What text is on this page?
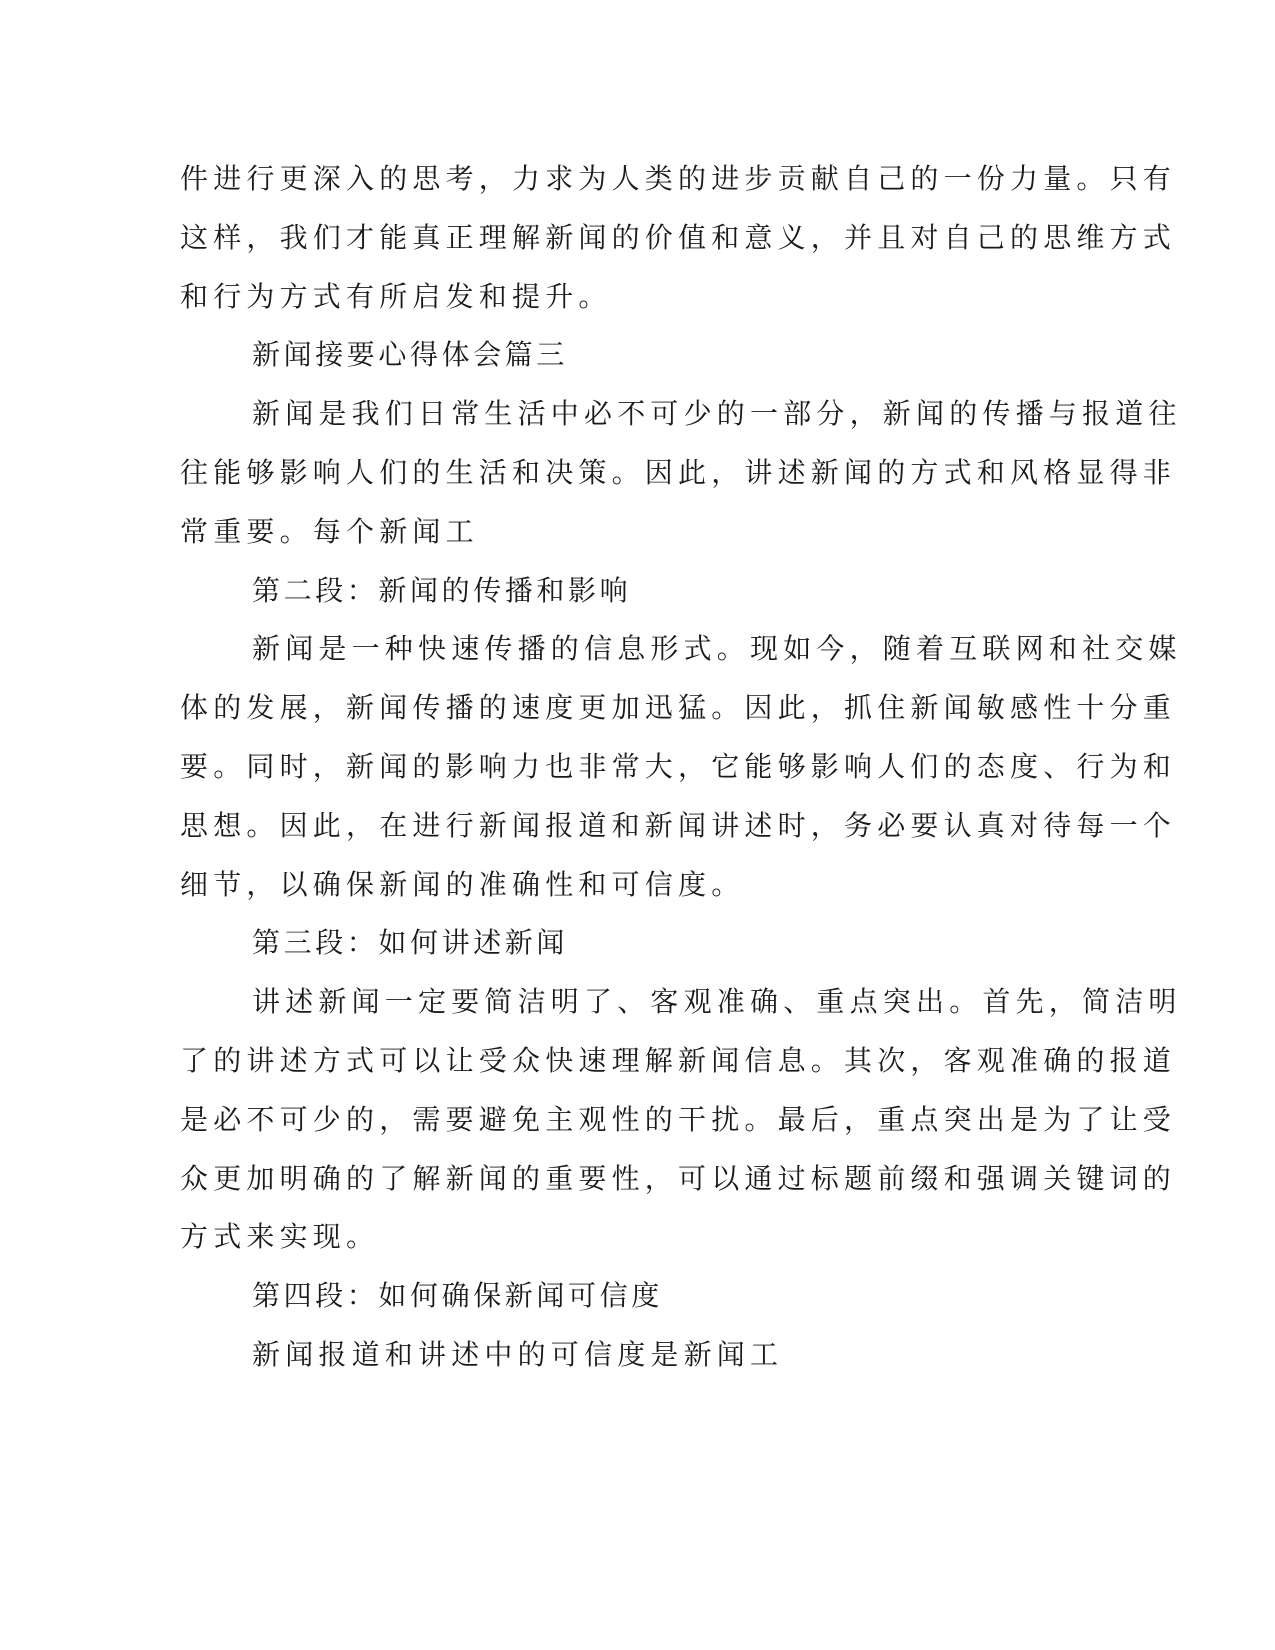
件进行更深入的思考，力求为人类的进步贡献自己的一份力量。只有
这样，我们才能真正理解新闻的价值和意义，并且对自己的思维方式
和行为方式有所启发和提升。
新闻接要心得体会篇三
新闻是我们日常生活中必不可少的一部分，新闻的传播与报道往
往能够影响人们的生活和决策。因此，讲述新闻的方式和风格显得非
常重要。每个新闻工
第二段：新闻的传播和影响
新闻是一种快速传播的信息形式。现如今，随着互联网和社交媒
体的发展，新闻传播的速度更加迅猛。因此，抓住新闻敏感性十分重
要。同时，新闻的影响力也非常大，它能够影响人们的态度、行为和
思想。因此，在进行新闻报道和新闻讲述时，务必要认真对待每一个
细节，以确保新闻的准确性和可信度。
第三段：如何讲述新闻
讲述新闻一定要简洁明了、客观准确、重点突出。首先，简洁明
了的讲述方式可以让受众快速理解新闻信息。其次，客观准确的报道
是必不可少的，需要避免主观性的干扰。最后，重点突出是为了让受
众更加明确的了解新闻的重要性，可以通过标题前缀和强调关键词的
方式来实现。
第四段：如何确保新闻可信度
新闻报道和讲述中的可信度是新闻工
